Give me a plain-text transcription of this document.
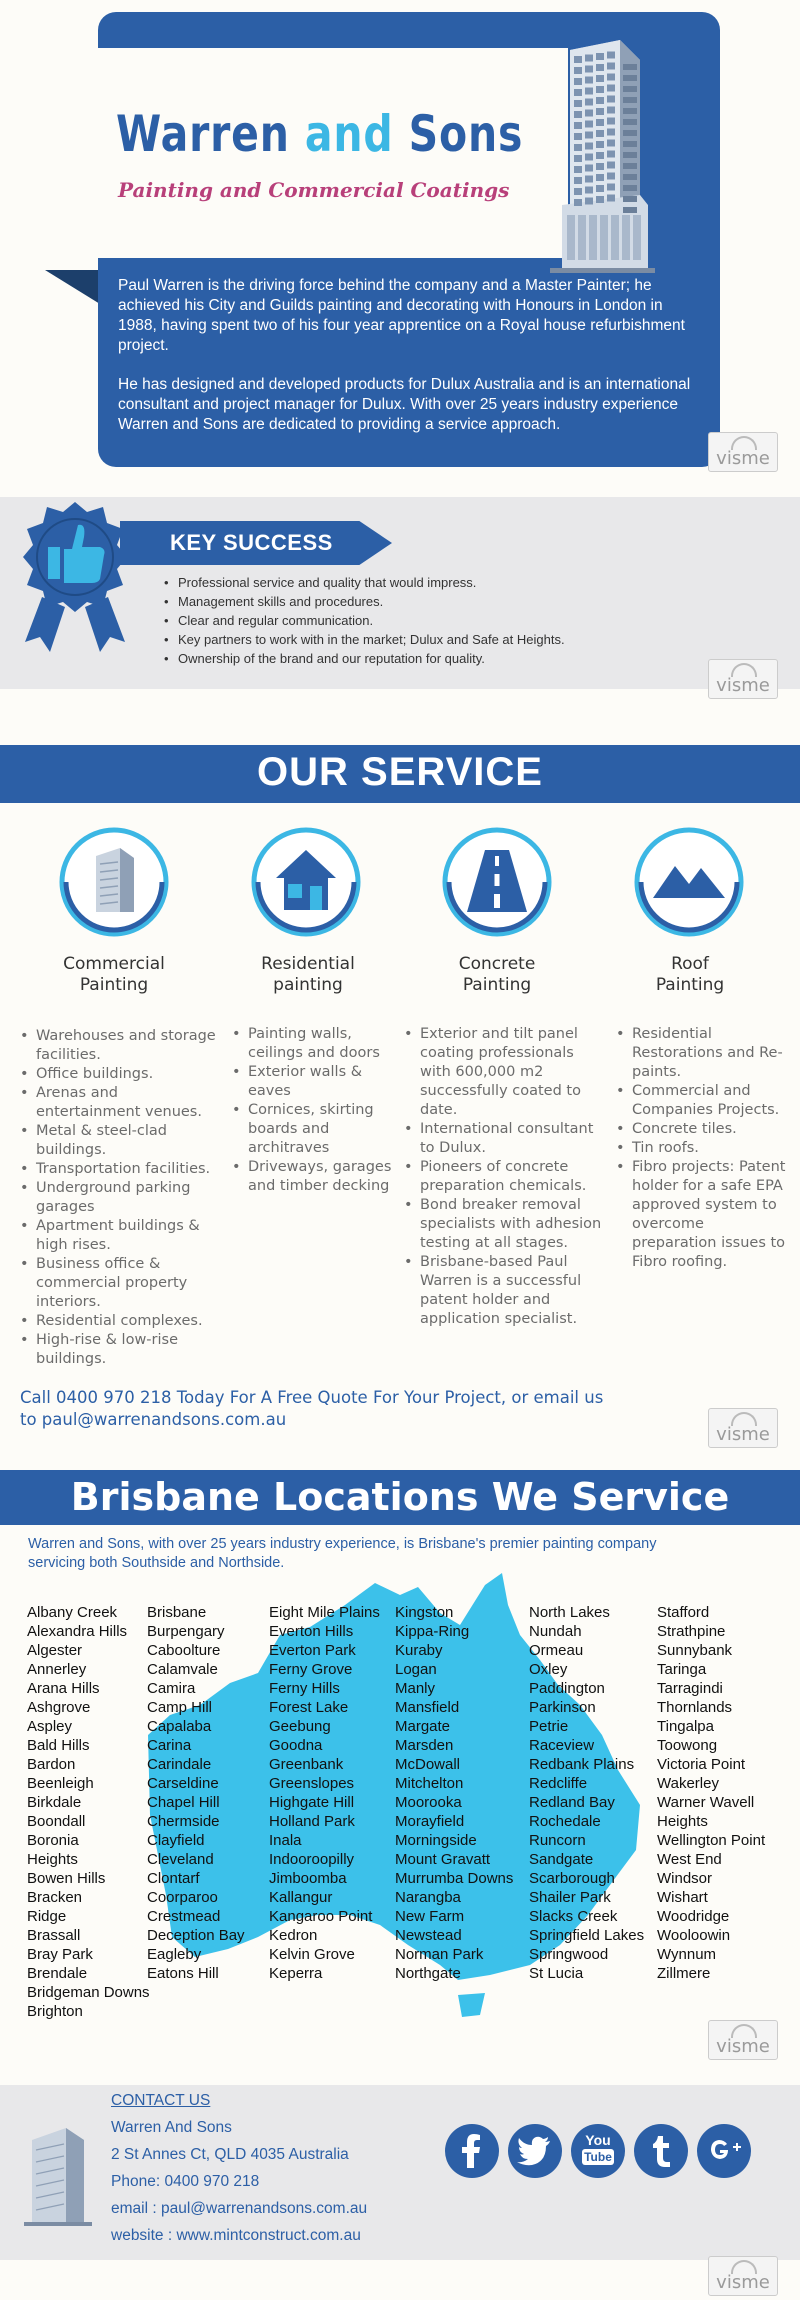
Warren and Sons
Painting and Commercial Coatings

Paul Warren is the driving force behind the company and a Master Painter; he achieved his City and Guilds painting and decorating with Honours in London in 1988, having spent two of his four year apprentice on a Royal house refurbishment project.

He has designed and developed products for Dulux Australia and is an international consultant and project manager for Dulux. With over 25 years industry experience Warren and Sons are dedicated to providing a service approach.

visme
KEY SUCCESS
• Professional service and quality that would impress.
• Management skills and procedures.
• Clear and regular communication.
• Key partners to work with in the market; Dulux and Safe at Heights.
• Ownership of the brand and our reputation for quality.
visme
OUR SERVICE
Commercial
Painting
Residential
painting
Concrete
Painting
Roof
Painting
• Warehouses and storage facilities.
• Office buildings.
• Arenas and entertainment venues.
• Metal & steel-clad buildings.
• Transportation facilities.
• Underground parking garages
• Apartment buildings & high rises.
• Business office & commercial property interiors.
• Residential complexes.
• High-rise & low-rise buildings.
• Painting walls, ceilings and doors
• Exterior walls & eaves
• Cornices, skirting boards and architraves
• Driveways, garages and timber decking
• Exterior and tilt panel coating professionals with 600,000 m2 successfully coated to date.
• International consultant to Dulux.
• Pioneers of concrete preparation chemicals.
• Bond breaker removal specialists with adhesion testing at all stages.
• Brisbane-based Paul Warren is a successful patent holder and application specialist.
• Residential Restorations and Re-paints.
• Commercial and Companies Projects.
• Concrete tiles.
• Tin roofs.
• Fibro projects: Patent holder for a safe EPA approved system to overcome preparation issues to Fibro roofing.
Call 0400 970 218 Today For A Free Quote For Your Project, or email us
to paul@warrenandsons.com.au
visme
Brisbane Locations We Service
Warren and Sons, with over 25 years industry experience, is Brisbane's premier painting company
servicing both Southside and Northside.
Albany Creek
Alexandra Hills
Algester
Annerley
Arana Hills
Ashgrove
Aspley
Bald Hills
Bardon
Beenleigh
Birkdale
Boondall
Boronia
Heights
Bowen Hills
Bracken
Ridge
Brassall
Bray Park
Brendale
Bridgeman Downs
Brighton
Brisbane
Burpengary
Caboolture
Calamvale
Camira
Camp Hill
Capalaba
Carina
Carindale
Carseldine
Chapel Hill
Chermside
Clayfield
Cleveland
Clontarf
Coorparoo
Crestmead
Deception Bay
Eagleby
Eatons Hill
Eight Mile Plains
Everton Hills
Everton Park
Ferny Grove
Ferny Hills
Forest Lake
Geebung
Goodna
Greenbank
Greenslopes
Highgate Hill
Holland Park
Inala
Indooroopilly
Jimboomba
Kallangur
Kangaroo Point
Kedron
Kelvin Grove
Keperra
Kingston
Kippa-Ring
Kuraby
Logan
Manly
Mansfield
Margate
Marsden
McDowall
Mitchelton
Moorooka
Morayfield
Morningside
Mount Gravatt
Murrumba Downs
Narangba
New Farm
Newstead
Norman Park
Northgate
North Lakes
Nundah
Ormeau
Oxley
Paddington
Parkinson
Petrie
Raceview
Redbank Plains
Redcliffe
Redland Bay
Rochedale
Runcorn
Sandgate
Scarborough
Shailer Park
Slacks Creek
Springfield Lakes
Springwood
St Lucia
Stafford
Strathpine
Sunnybank
Taringa
Tarragindi
Thornlands
Tingalpa
Toowong
Victoria Point
Wakerley
Warner Wavell
Heights
Wellington Point
West End
Windsor
Wishart
Woodridge
Wooloowin
Wynnum
Zillmere
visme
CONTACT US
Warren And Sons
2 St Annes Ct, QLD 4035 Australia
Phone: 0400 970 218
email : paul@warrenandsons.com.au
website : www.mintconstruct.com.au
You
Tube
visme
